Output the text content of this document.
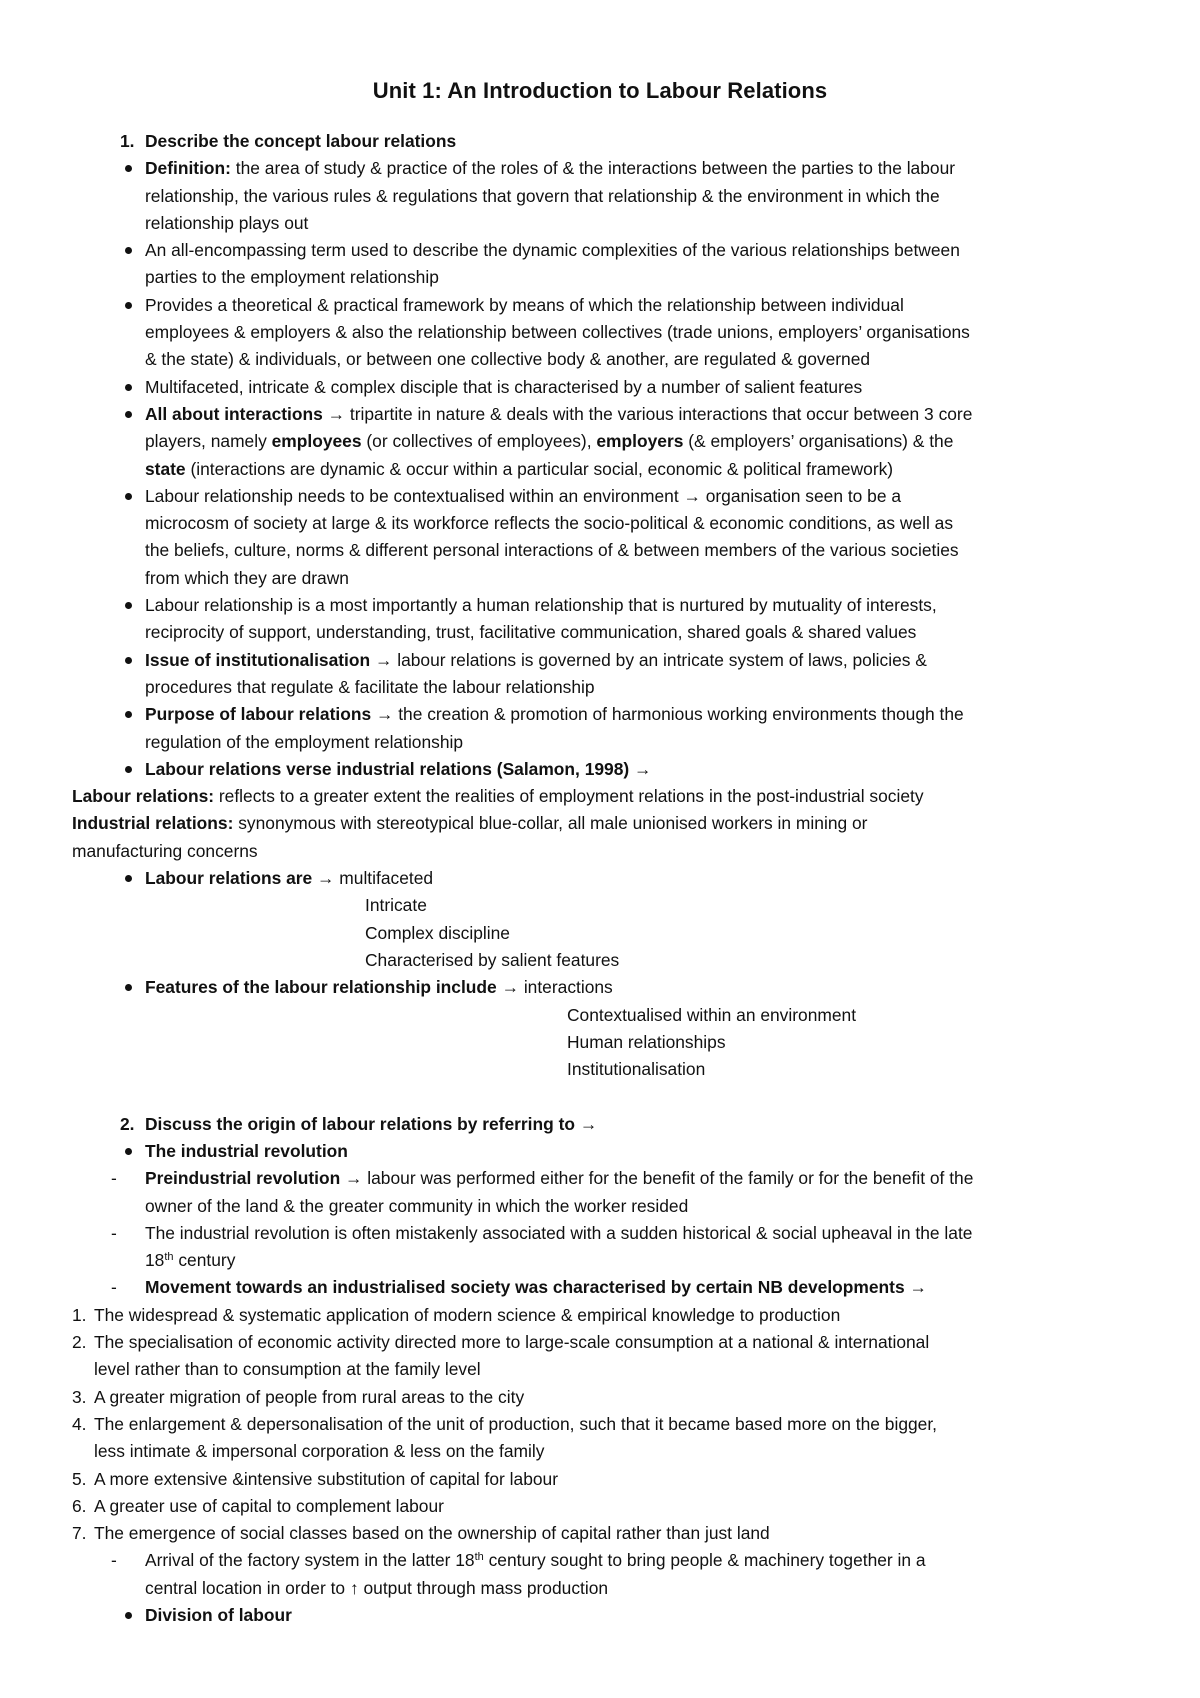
Unit 1: An Introduction to Labour Relations
1. Describe the concept labour relations
Definition: the area of study & practice of the roles of & the interactions between the parties to the labour
relationship, the various rules & regulations that govern that relationship & the environment in which the
relationship plays out
An all-encompassing term used to describe the dynamic complexities of the various relationships between
parties to the employment relationship
Provides a theoretical & practical framework by means of which the relationship between individual
employees & employers & also the relationship between collectives (trade unions, employers’ organisations
& the state) & individuals, or between one collective body & another, are regulated & governed
Multifaceted, intricate & complex disciple that is characterised by a number of salient features
All about interactions → tripartite in nature & deals with the various interactions that occur between 3 core
players, namely employees (or collectives of employees), employers (& employers’ organisations) & the
state (interactions are dynamic & occur within a particular social, economic & political framework)
Labour relationship needs to be contextualised within an environment → organisation seen to be a
microcosm of society at large & its workforce reflects the socio-political & economic conditions, as well as
the beliefs, culture, norms & different personal interactions of & between members of the various societies
from which they are drawn
Labour relationship is a most importantly a human relationship that is nurtured by mutuality of interests,
reciprocity of support, understanding, trust, facilitative communication, shared goals & shared values
Issue of institutionalisation → labour relations is governed by an intricate system of laws, policies &
procedures that regulate & facilitate the labour relationship
Purpose of labour relations → the creation & promotion of harmonious working environments though the
regulation of the employment relationship
Labour relations verse industrial relations (Salamon, 1998) →
Labour relations: reflects to a greater extent the realities of employment relations in the post-industrial society
Industrial relations: synonymous with stereotypical blue-collar, all male unionised workers in mining or
manufacturing concerns
Labour relations are → multifaceted
Intricate
Complex discipline
Characterised by salient features
Features of the labour relationship include → interactions
Contextualised within an environment
Human relationships
Institutionalisation
2. Discuss the origin of labour relations by referring to →
The industrial revolution
- Preindustrial revolution → labour was performed either for the benefit of the family or for the benefit of the
owner of the land & the greater community in which the worker resided
- The industrial revolution is often mistakenly associated with a sudden historical & social upheaval in the late
18th century
- Movement towards an industrialised society was characterised by certain NB developments →
1. The widespread & systematic application of modern science & empirical knowledge to production
2. The specialisation of economic activity directed more to large-scale consumption at a national & international
level rather than to consumption at the family level
3. A greater migration of people from rural areas to the city
4. The enlargement & depersonalisation of the unit of production, such that it became based more on the bigger,
less intimate & impersonal corporation & less on the family
5. A more extensive &intensive substitution of capital for labour
6. A greater use of capital to complement labour
7. The emergence of social classes based on the ownership of capital rather than just land
- Arrival of the factory system in the latter 18th century sought to bring people & machinery together in a
central location in order to ↑ output through mass production
Division of labour
